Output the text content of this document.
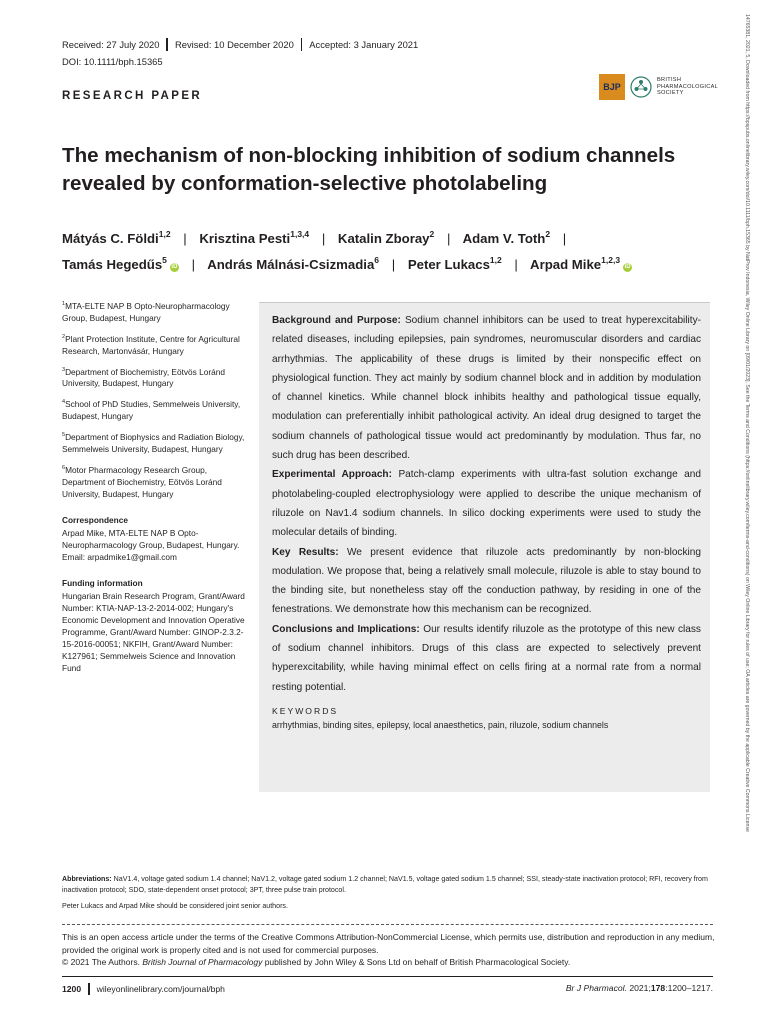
Received: 27 July 2020 Revised: 10 December 2020 Accepted: 3 January 2021
DOI: 10.1111/bph.15365
RESEARCH PAPER
BJP
BRITISH
PHARMACOLOGICAL
SOCIETY
The mechanism of non-blocking inhibition of sodium channels
revealed by conformation-selective photolabeling
Mátyás C. Földi$^{1,2}$ | Krisztina Pesti$^{1,3,4}$ | Katalin Zboray$^2$ | Adam V. Toth$^2$ |
Tamás Hegedűs$^5$iD | András Málnási-Csizmadia$^6$ | Peter Lukacs$^{1,2}$ | Arpad Mike$^{1,2,3}$iD
$^1$MTA-ELTE NAP B Opto-Neuropharmacology Group, Budapest, Hungary
$^2$Plant Protection Institute, Centre for Agricultural Research, Martonvásár, Hungary
$^3$Department of Biochemistry, Eötvös Loránd University, Budapest, Hungary
$^4$School of PhD Studies, Semmelweis University, Budapest, Hungary
$^5$Department of Biophysics and Radiation Biology, Semmelweis University, Budapest, Hungary
$^6$Motor Pharmacology Research Group, Department of Biochemistry, Eötvös Loránd University, Budapest, Hungary
Correspondence
Arpad Mike, MTA-ELTE NAP B Opto-Neuropharmacology Group, Budapest, Hungary.
Email: arpadmike1@gmail.com
Funding information
Hungarian Brain Research Program, Grant/Award Number: KTIA-NAP-13-2-2014-002; Hungary's Economic Development and Innovation Operative Programme, Grant/Award Number: GINOP-2.3.2-15-2016-00051; NKFIH, Grant/Award Number: K127961; Semmelweis Science and Innovation Fund

Background and Purpose: Sodium channel inhibitors can be used to treat hyperexcitability-related diseases, including epilepsies, pain syndromes, neuromuscular disorders and cardiac arrhythmias. The applicability of these drugs is limited by their nonspecific effect on physiological function. They act mainly by sodium channel block and in addition by modulation of channel kinetics. While channel block inhibits healthy and pathological tissue equally, modulation can preferentially inhibit pathological activity. An ideal drug designed to target the sodium channels of pathological tissue would act predominantly by modulation. Thus far, no such drug has been described.

Experimental Approach: Patch-clamp experiments with ultra-fast solution exchange and photolabeling-coupled electrophysiology were applied to describe the unique mechanism of riluzole on Nav1.4 sodium channels. In silico docking experiments were used to study the molecular details of binding.

Key Results: We present evidence that riluzole acts predominantly by non-blocking modulation. We propose that, being a relatively small molecule, riluzole is able to stay bound to the binding site, but nonetheless stay off the conduction pathway, by residing in one of the fenestrations. We demonstrate how this mechanism can be recognized.

Conclusions and Implications: Our results identify riluzole as the prototype of this new class of sodium channel inhibitors. Drugs of this class are expected to selectively prevent hyperexcitability, while having minimal effect on cells firing at a normal rate from a normal resting potential.

KEYWORDS
arrhythmias, binding sites, epilepsy, local anaesthetics, pain, riluzole, sodium channels
Abbreviations: NaV1.4, voltage gated sodium 1.4 channel; NaV1.2, voltage gated sodium 1.2 channel; NaV1.5, voltage gated sodium 1.5 channel; SSI, steady-state inactivation protocol; RFI, recovery from inactivation protocol; SDO, state-dependent onset protocol; 3PT, three pulse train protocol.
Peter Lukacs and Arpad Mike should be considered joint senior authors.
This is an open access article under the terms of the Creative Commons Attribution-NonCommercial License, which permits use, distribution and reproduction in any medium, provided the original work is properly cited and is not used for commercial purposes.
© 2021 The Authors. British Journal of Pharmacology published by John Wiley & Sons Ltd on behalf of British Pharmacological Society.
1200 wileyonlinelibrary.com/journal/bph	Br J Pharmacol. 2021;178:1200–1217.
14765381, 2021, 5, Downloaded from https://bpspubs.onlinelibrary.wiley.com/doi/10.1111/bph.15365 by NatProv Indonesia, Wiley Online Library on [09/01/2023]. See the Terms and Conditions (https://onlinelibrary.wiley.com/terms-and-conditions) on Wiley Online Library for rules of use; OA articles are governed by the applicable Creative Commons License
